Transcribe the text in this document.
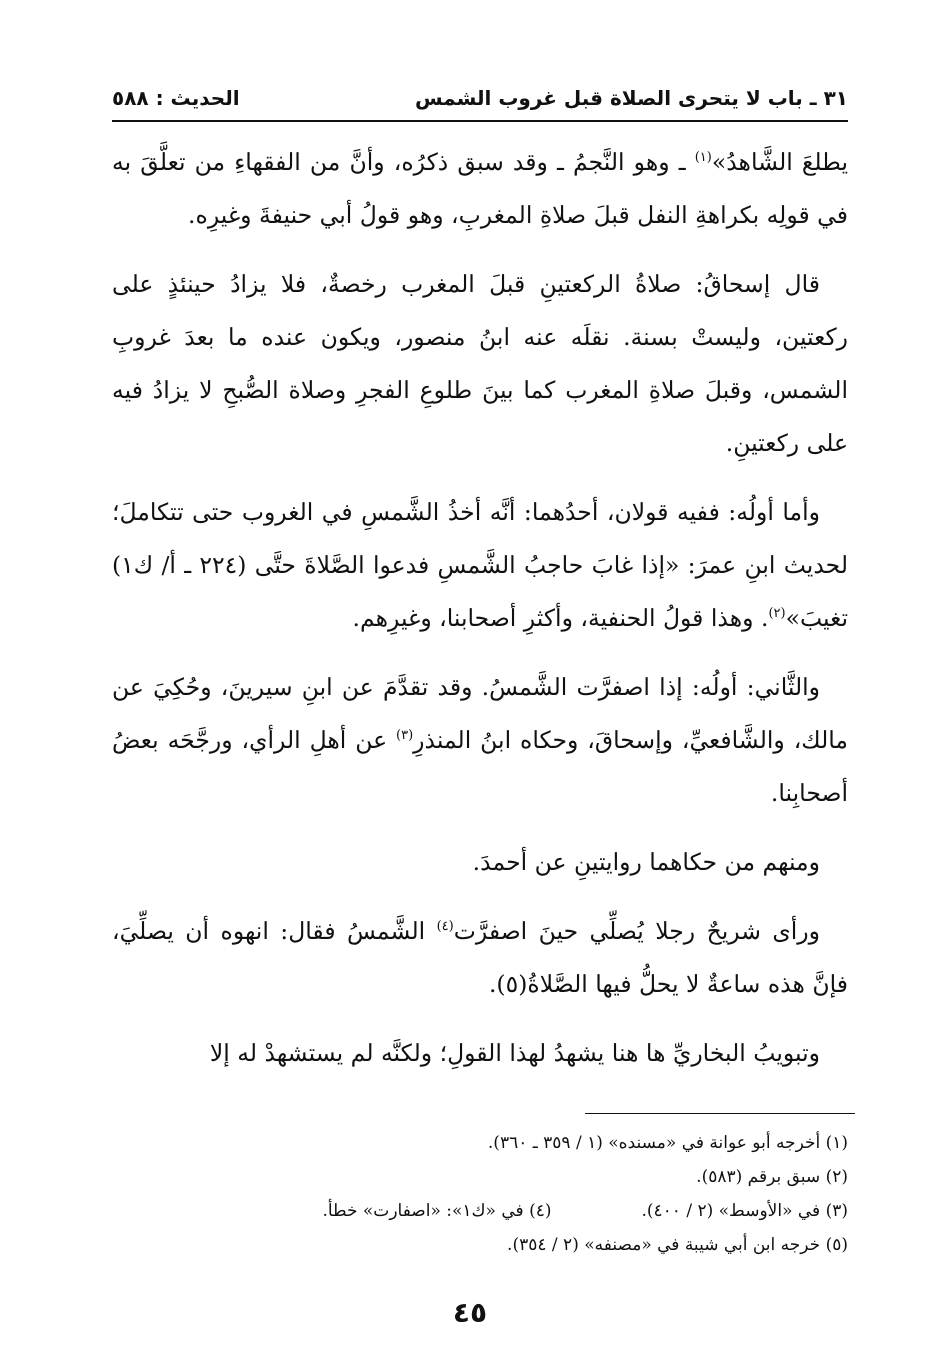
٣١ ـ باب لا يتحرى الصلاة قبل غروب الشمس
الحديث : ٥٨٨

يطلعَ الشَّاهدُ»$^{(١)}$ ـ وهو النَّجمُ ـ وقد سبق ذكرُه، وأنَّ من الفقهاءِ من تعلَّقَ به في قولِه بكراهةِ النفل قبلَ صلاةِ المغربِ، وهو قولُ أبي حنيفةَ وغيرِه.

قال إسحاقُ: صلاةُ الركعتينِ قبلَ المغرب رخصةٌ، فلا يزادُ حينئذٍ على ركعتين، وليستْ بسنة. نقلَه عنه ابنُ منصور، ويكون عنده ما بعدَ غروبِ الشمس، وقبلَ صلاةِ المغرب كما بينَ طلوعِ الفجرِ وصلاة الصُّبحِ لا يزادُ فيه على ركعتينِ.

وأما أولُه: ففيه قولان، أحدُهما: أنَّه أخذُ الشَّمسِ في الغروب حتى تتكاملَ؛ لحديث ابنِ عمرَ: «إذا غابَ حاجبُ الشَّمسِ فدعوا الصَّلاةَ حتَّى (٢٢٤ ـ أ/ ك١) تغيبَ»$^{(٢)}$. وهذا قولُ الحنفية، وأكثرِ أصحابنا، وغيرِهم.

والثَّاني: أولُه: إذا اصفرَّت الشَّمسُ. وقد تقدَّمَ عن ابنِ سيرينَ، وحُكِيَ عن مالك، والشَّافعيِّ، وإسحاقَ، وحكاه ابنُ المنذرِ$^{(٣)}$ عن أهلِ الرأي، ورجَّحَه بعضُ أصحابِنا.

ومنهم من حكاهما روايتينِ عن أحمدَ.

ورأى شريحٌ رجلا يُصلِّي حينَ اصفرَّت$^{(٤)}$ الشَّمسُ فقال: انهوه أن يصلِّيَ، فإنَّ هذه ساعةٌ لا يحلُّ فيها الصَّلاةُ(٥).

وتبويبُ البخاريِّ ها هنا يشهدُ لهذا القولِ؛ ولكنَّه لم يستشهدْ له إلا

(١) أخرجه أبو عوانة في «مسنده» (١ / ٣٥٩ ـ ٣٦٠).
(٢) سبق برقم (٥٨٣).
(٣) في «الأوسط» (٢ / ٤٠٠).
(٤) في «ك١»: «اصفارت» خطأ.
(٥) خرجه ابن أبي شيبة في «مصنفه» (٢ / ٣٥٤).
٤٥
